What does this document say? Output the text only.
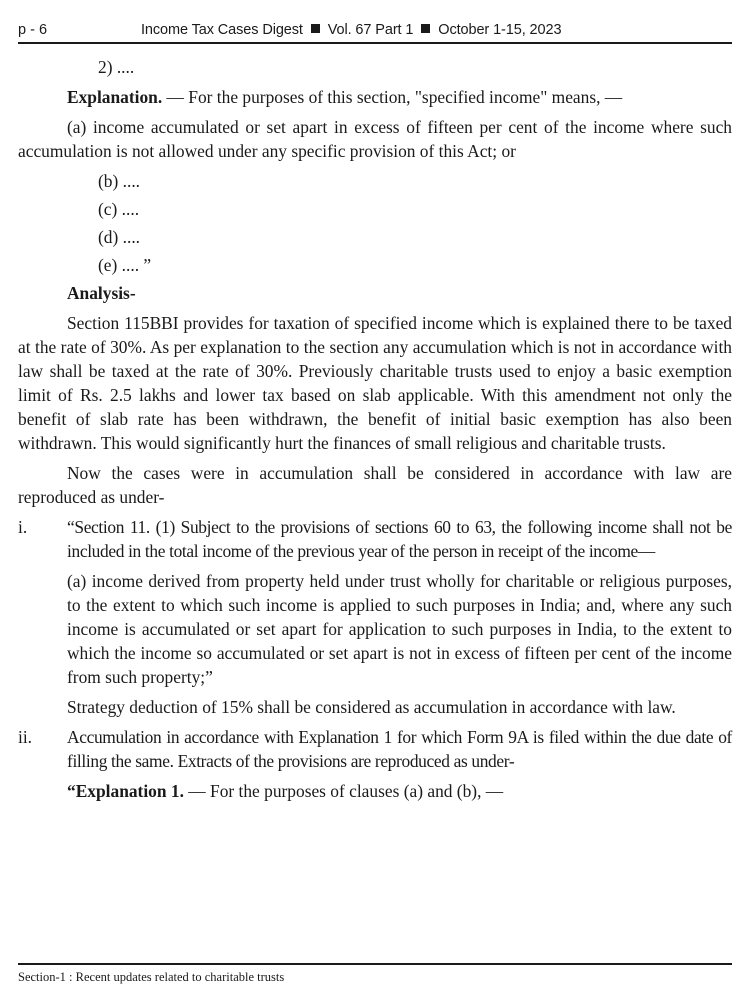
p - 6	Income Tax Cases Digest Vol. 67 Part 1 October 1-15, 2023

2) ....

Explanation. — For the purposes of this section, "specified income" means, —

(a) income accumulated or set apart in excess of fifteen per cent of the income where such accumulation is not allowed under any specific provision of this Act; or

(b) ....

(c) ....

(d) ....

(e) .... ”

Analysis-

Section 115BBI provides for taxation of specified income which is explained there to be taxed at the rate of 30%. As per explanation to the section any accumulation which is not in accordance with law shall be taxed at the rate of 30%. Previously charitable trusts used to enjoy a basic exemption limit of Rs. 2.5 lakhs and lower tax based on slab applicable. With this amendment not only the benefit of slab rate has been withdrawn, the benefit of initial basic exemption has also been withdrawn. This would significantly hurt the finances of small religious and charitable trusts.

Now the cases were in accumulation shall be considered in accordance with law are reproduced as under-

i. “Section 11. (1) Subject to the provisions of sections 60 to 63, the following income shall not be included in the total income of the previous year of the person in receipt of the income—

(a) income derived from property held under trust wholly for charitable or religious purposes, to the extent to which such income is applied to such purposes in India; and, where any such income is accumulated or set apart for application to such purposes in India, to the extent to which the income so accumulated or set apart is not in excess of fifteen per cent of the income from such property;”

Strategy deduction of 15% shall be considered as accumulation in accordance with law.

ii. Accumulation in accordance with Explanation 1 for which Form 9A is filed within the due date of filling the same. Extracts of the provisions are reproduced as under-

“Explanation 1. — For the purposes of clauses (a) and (b), —

Section-1 : Recent updates related to charitable trusts
